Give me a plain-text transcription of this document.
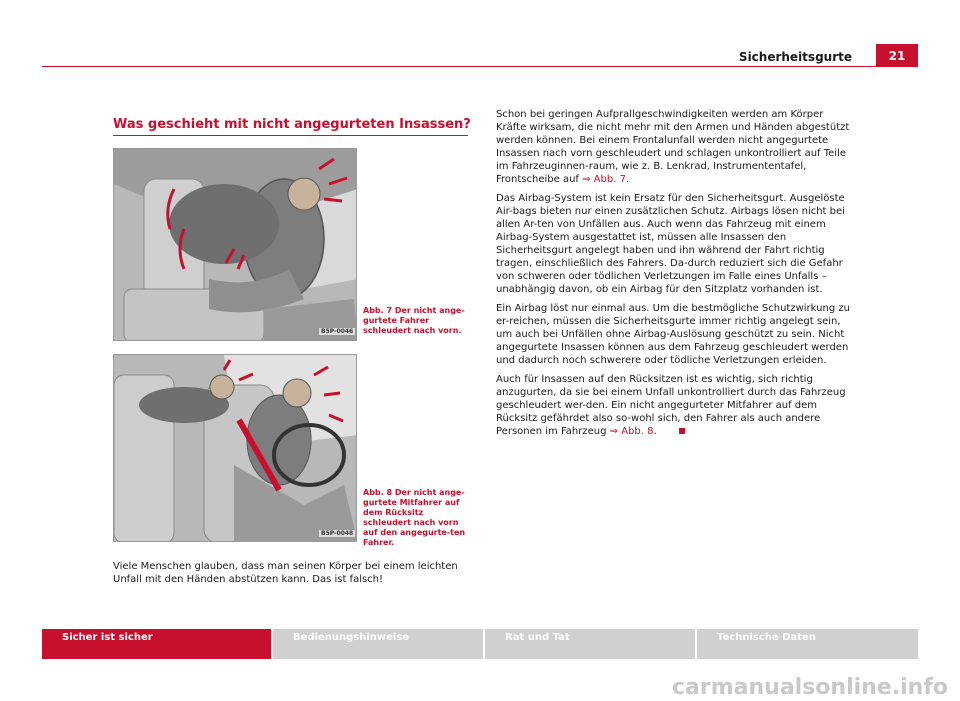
Sicherheitsgurte	21
Was geschieht mit nicht angegurteten Insassen?
B5P-0046
Abb. 7 Der nicht ange-gurtete Fahrer schleudert nach vorn.
B5P-0048
Abb. 8 Der nicht ange-gurtete Mitfahrer auf dem Rücksitz schleudert nach vorn auf den angegurte-ten Fahrer.
Viele Menschen glauben, dass man seinen Körper bei einem leichten Unfall mit den Händen abstützen kann. Das ist falsch!

Schon bei geringen Aufprallgeschwindigkeiten werden am Körper Kräfte wirksam, die nicht mehr mit den Armen und Händen abgestützt werden können. Bei einem Frontalunfall werden nicht angegurtete Insassen nach vorn geschleudert und schlagen unkontrolliert auf Teile im Fahrzeuginnen-raum, wie z. B. Lenkrad, Instrumententafel, Frontscheibe auf ⇒ Abb. 7.

Das Airbag-System ist kein Ersatz für den Sicherheitsgurt. Ausgelöste Air-bags bieten nur einen zusätzlichen Schutz. Airbags lösen nicht bei allen Ar-ten von Unfällen aus. Auch wenn das Fahrzeug mit einem Airbag-System ausgestattet ist, müssen alle Insassen den Sicherheitsgurt angelegt haben und ihn während der Fahrt richtig tragen, einschließlich des Fahrers. Da-durch reduziert sich die Gefahr von schweren oder tödlichen Verletzungen im Falle eines Unfalls – unabhängig davon, ob ein Airbag für den Sitzplatz vorhanden ist.

Ein Airbag löst nur einmal aus. Um die bestmögliche Schutzwirkung zu er-reichen, müssen die Sicherheitsgurte immer richtig angelegt sein, um auch bei Unfällen ohne Airbag-Auslösung geschützt zu sein. Nicht angegurtete Insassen können aus dem Fahrzeug geschleudert werden und dadurch noch schwerere oder tödliche Verletzungen erleiden.

Auch für Insassen auf den Rücksitzen ist es wichtig, sich richtig anzugurten, da sie bei einem Unfall unkontrolliert durch das Fahrzeug geschleudert wer-den. Ein nicht angegurteter Mitfahrer auf dem Rücksitz gefährdet also so-wohl sich, den Fahrer als auch andere Personen im Fahrzeug ⇒ Abb. 8.

Sicher ist sicher	Bedienungshinweise	Rat und Tat	Technische Daten
carmanualsonline.info
